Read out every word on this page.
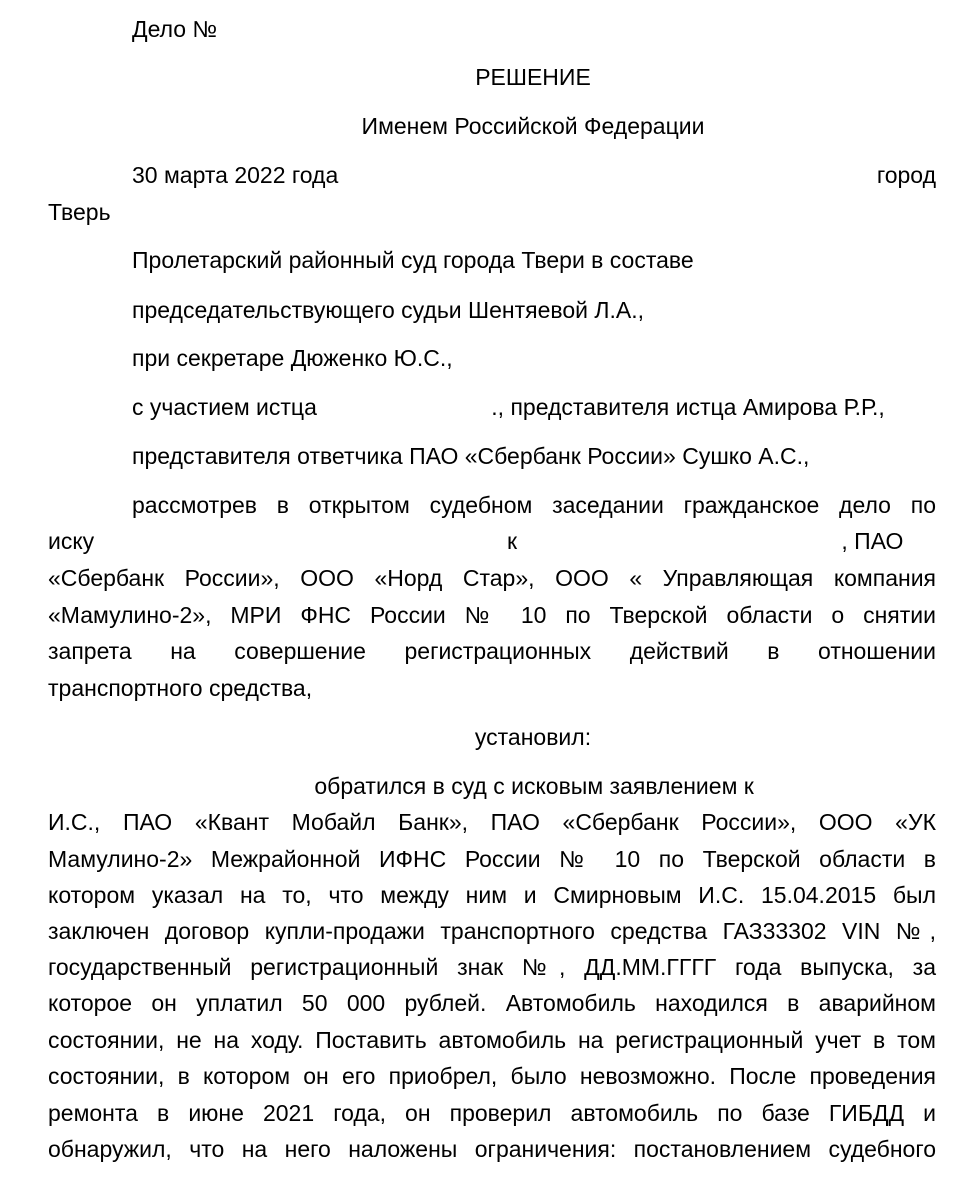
Дело №

РЕШЕНИЕ

Именем Российской Федерации

30 марта 2022 года	город

Тверь

Пролетарский районный суд города Твери в составе

председательствующего судьи Шентяевой Л.А.,

при секретаре Дюженко Ю.С.,

с участием истца	., представителя истца Амирова Р.Р.,

представителя ответчика ПАО «Сбербанк России» Сушко А.С.,

рассмотрев в открытом судебном заседании гражданское дело по

иску	к	, ПАО

«Сбербанк России», ООО «Норд Стар», ООО « Управляющая компания

«Мамулино-2», МРИ ФНС России № 10 по Тверской области о снятии

запрета на совершение регистрационных действий в отношении

транспортного средства,

установил:

обратился в суд с исковым заявлением к

И.С., ПАО «Квант Мобайл Банк», ПАО «Сбербанк России», ООО «УК

Мамулино-2» Межрайонной ИФНС России № 10 по Тверской области в

котором указал на то, что между ним и Смирновым И.С. 15.04.2015 был

заключен договор купли-продажи транспортного средства ГАЗ33302 VIN №,

государственный регистрационный знак №, ДД.ММ.ГГГГ года выпуска, за

которое он уплатил 50 000 рублей. Автомобиль находился в аварийном

состоянии, не на ходу. Поставить автомобиль на регистрационный учет в том

состоянии, в котором он его приобрел, было невозможно. После проведения

ремонта в июне 2021 года, он проверил автомобиль по базе ГИБДД и

обнаружил, что на него наложены ограничения: постановлением судебного
